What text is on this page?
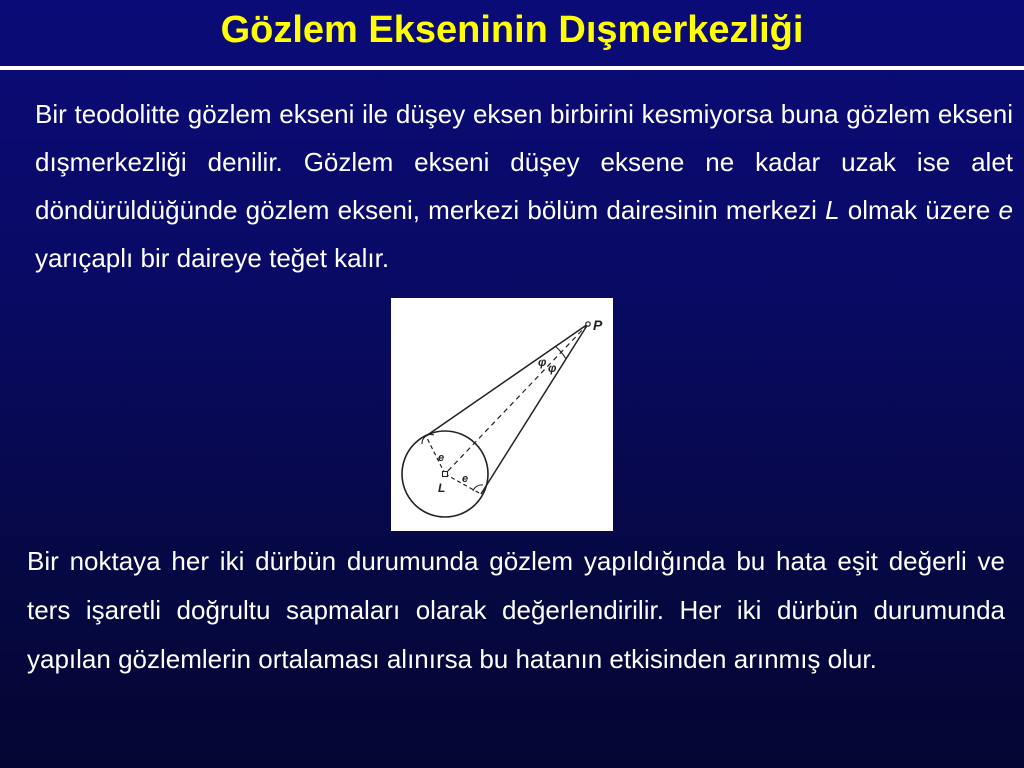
Gözlem Ekseninin Dışmerkezliği

Bir teodolitte gözlem ekseni ile düşey eksen birbirini kesmiyorsa buna gözlem ekseni dışmerkezliği denilir. Gözlem ekseni düşey eksene ne kadar uzak ise alet döndürüldüğünde gözlem ekseni, merkezi bölüm dairesinin merkezi L olmak üzere e yarıçaplı bir daireye teğet kalır.

P
φ φ
e
e
L

Bir noktaya her iki dürbün durumunda gözlem yapıldığında bu hata eşit değerli ve ters işaretli doğrultu sapmaları olarak değerlendirilir. Her iki dürbün durumunda yapılan gözlemlerin ortalaması alınırsa bu hatanın etkisinden arınmış olur.
